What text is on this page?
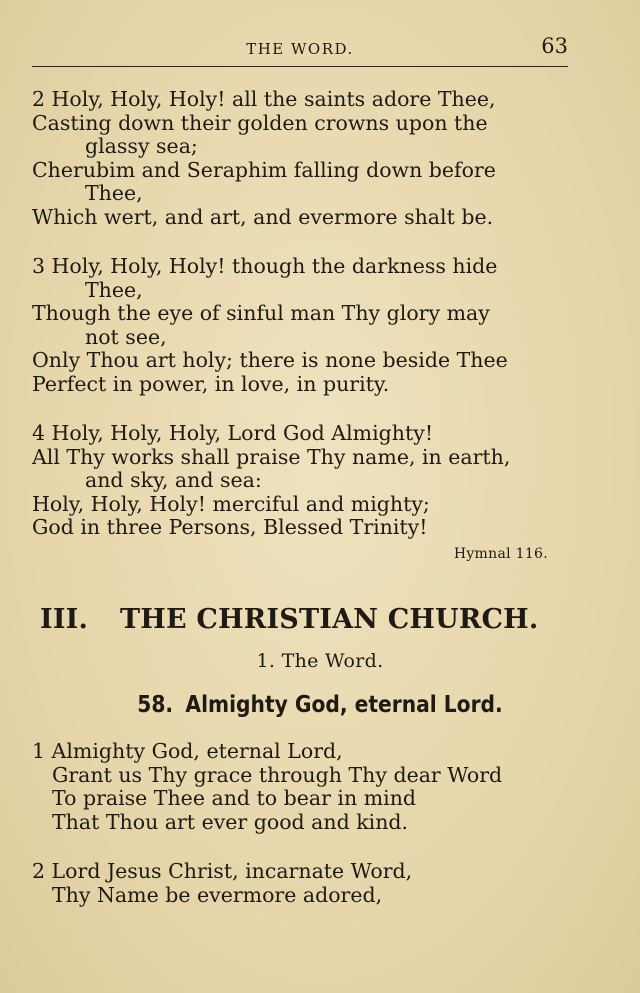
THE WORD.	63
2 Holy, Holy, Holy! all the saints adore Thee,
Casting down their golden crowns upon the
glassy sea;
Cherubim and Seraphim falling down before
Thee,
Which wert, and art, and evermore shalt be.
3 Holy, Holy, Holy! though the darkness hide
Thee,
Though the eye of sinful man Thy glory may
not see,
Only Thou art holy; there is none beside Thee
Perfect in power, in love, in purity.
4 Holy, Holy, Holy, Lord God Almighty!
All Thy works shall praise Thy name, in earth,
and sky, and sea:
Holy, Holy, Holy! merciful and mighty;
God in three Persons, Blessed Trinity!
Hymnal 116.
III. THE CHRISTIAN CHURCH.
1. The Word.
58. Almighty God, eternal Lord.
1 Almighty God, eternal Lord,
Grant us Thy grace through Thy dear Word
To praise Thee and to bear in mind
That Thou art ever good and kind.
2 Lord Jesus Christ, incarnate Word,
Thy Name be evermore adored,
